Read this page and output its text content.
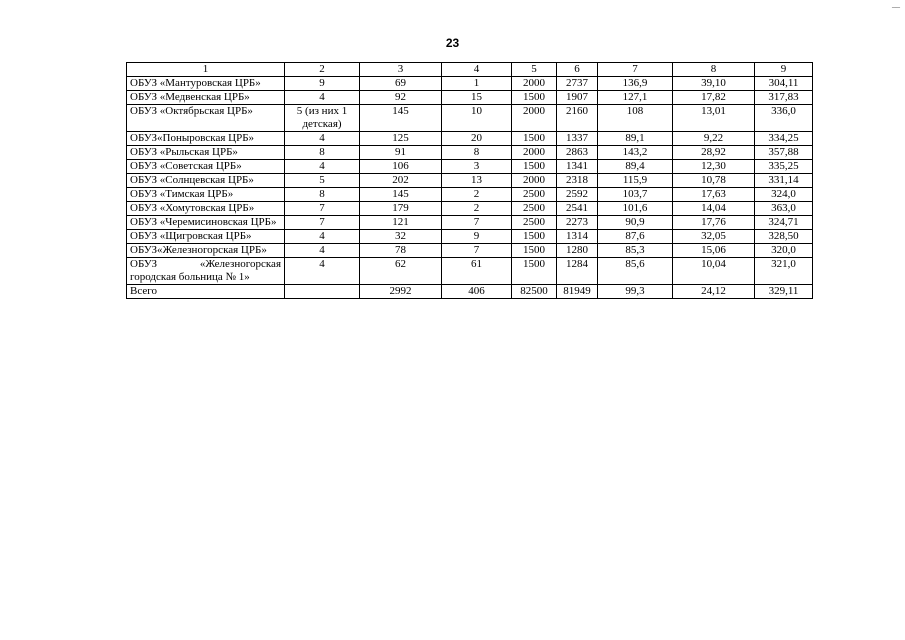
‒‒
23
1	2	3	4	5	6	7	8	9
ОБУЗ «Мантуровская ЦРБ»	9	69	1	2000	2737	136,9	39,10	304,11
ОБУЗ «Медвенская ЦРБ»	4	92	15	1500	1907	127,1	17,82	317,83
ОБУЗ «Октябрьская ЦРБ»	5 (из них 1 детская)	145	10	2000	2160	108	13,01	336,0
ОБУЗ«Поныровская ЦРБ»	4	125	20	1500	1337	89,1	9,22	334,25
ОБУЗ «Рыльская ЦРБ»	8	91	8	2000	2863	143,2	28,92	357,88
ОБУЗ «Советская ЦРБ»	4	106	3	1500	1341	89,4	12,30	335,25
ОБУЗ «Солнцевская ЦРБ»	5	202	13	2000	2318	115,9	10,78	331,14
ОБУЗ «Тимская ЦРБ»	8	145	2	2500	2592	103,7	17,63	324,0
ОБУЗ «Хомутовская ЦРБ»	7	179	2	2500	2541	101,6	14,04	363,0
ОБУЗ «Черемисиновская ЦРБ»	7	121	7	2500	2273	90,9	17,76	324,71
ОБУЗ «Щигровская ЦРБ»	4	32	9	1500	1314	87,6	32,05	328,50
ОБУЗ«Железногорская ЦРБ»	4	78	7	1500	1280	85,3	15,06	320,0
ОБУЗ «Железногорская городская больница № 1»	4	62	61	1500	1284	85,6	10,04	321,0
Всего		2992	406	82500	81949	99,3	24,12	329,11
